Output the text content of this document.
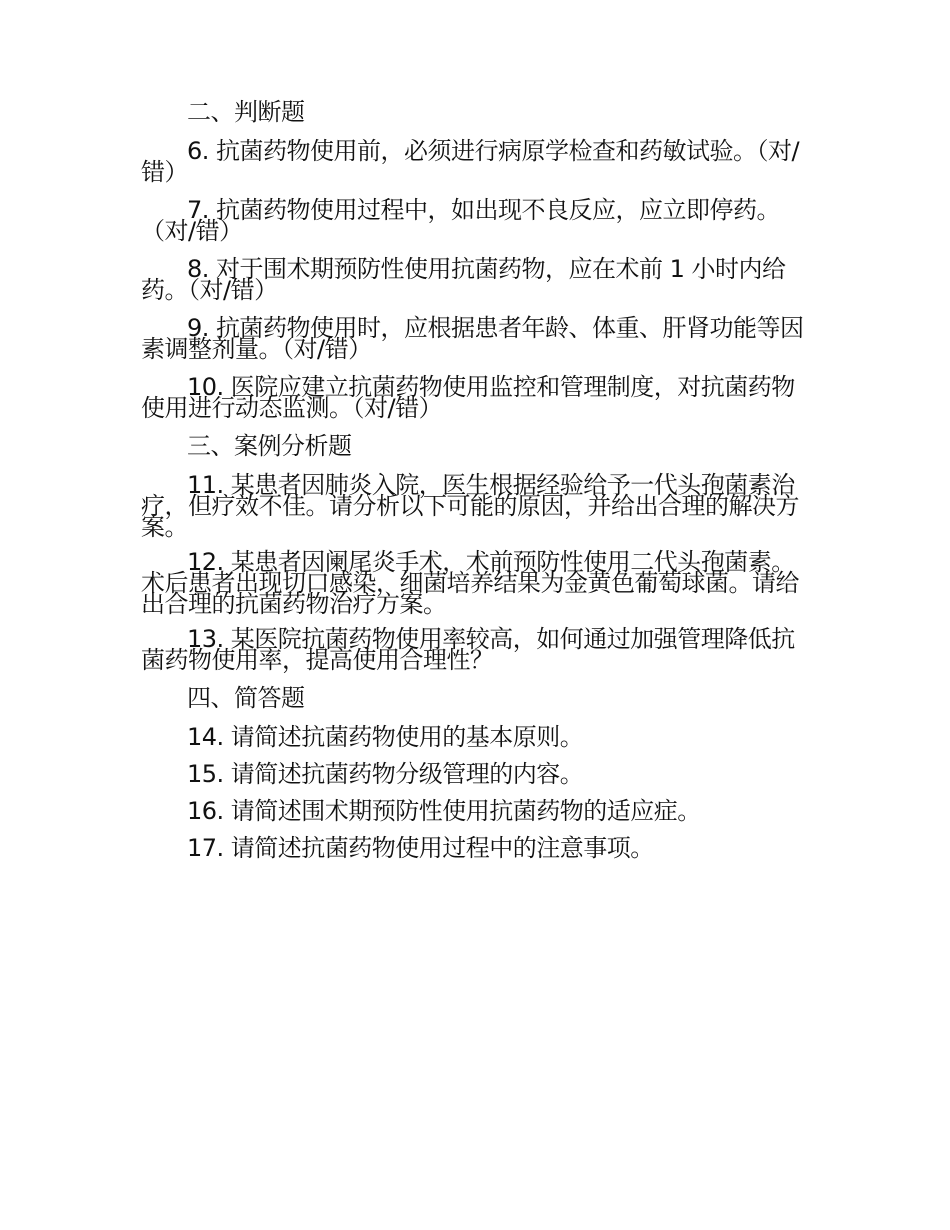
二、判断题

6. 抗菌药物使用前，必须进行病原学检查和药敏试验。（对/错）

7. 抗菌药物使用过程中，如出现不良反应，应立即停药。（对/错）

8. 对于围术期预防性使用抗菌药物，应在术前 1 小时内给药。（对/错）

9. 抗菌药物使用时，应根据患者年龄、体重、肝肾功能等因素调整剂量。（对/错）

10. 医院应建立抗菌药物使用监控和管理制度，对抗菌药物使用进行动态监测。（对/错）

三、案例分析题

11. 某患者因肺炎入院，医生根据经验给予一代头孢菌素治疗，但疗效不佳。请分析以下可能的原因，并给出合理的解决方案。

12. 某患者因阑尾炎手术，术前预防性使用二代头孢菌素。术后患者出现切口感染，细菌培养结果为金黄色葡萄球菌。请给出合理的抗菌药物治疗方案。

13. 某医院抗菌药物使用率较高，如何通过加强管理降低抗菌药物使用率，提高使用合理性？

四、简答题

14. 请简述抗菌药物使用的基本原则。

15. 请简述抗菌药物分级管理的内容。

16. 请简述围术期预防性使用抗菌药物的适应症。

17. 请简述抗菌药物使用过程中的注意事项。
